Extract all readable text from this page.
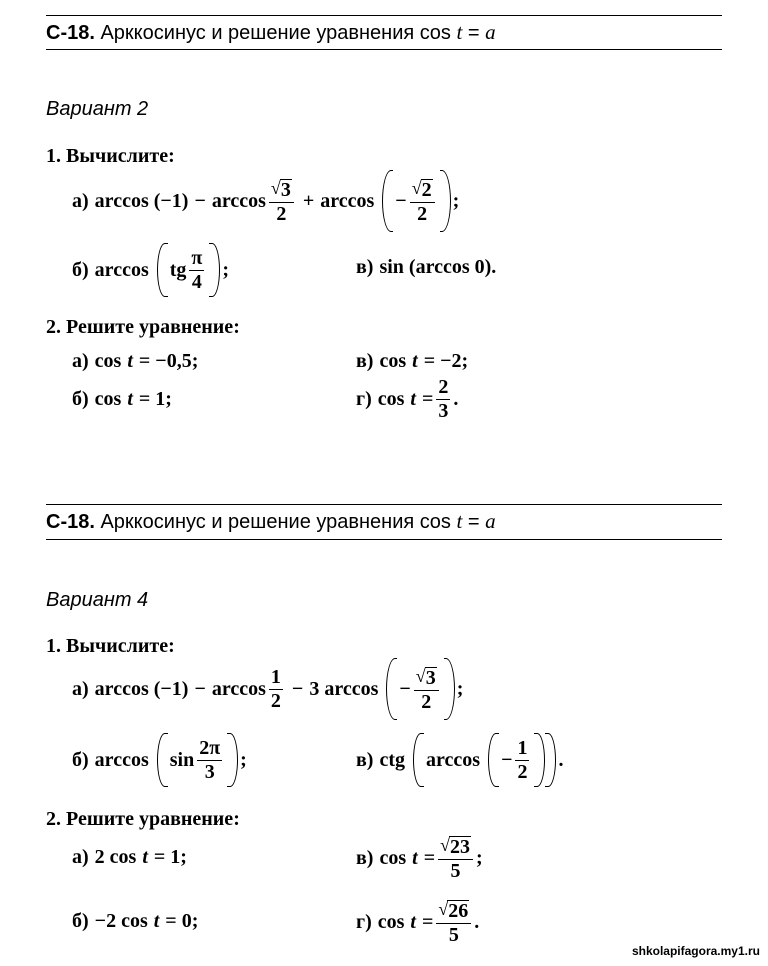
С-18. Арккосинус и решение уравнения cos t = a
Вариант 2
1. Вычислите:
а) $\arccos (-1) - \arccos \frac{√ 3}{2} + \arccos - \frac{√ 2}{2}$ ;
б) arccos tg $\frac{\pi}{4}$ ;	в) sin (arccos 0).
2. Решите уравнение:
а) cos t = −0,5;	в) cos t = −2;
б) cos t = 1;	г) $\cos t = \frac{2}{3}$ .
С-18. Арккосинус и решение уравнения cos t = a
Вариант 4
1. Вычислите:
а) $\arccos (-1) - \arccos \frac{1}{2} - 3$ $\arccos - \frac{√ 3}{2}$ ;
б) $\arccos \sin \frac{2\pi}{3}$ ;	в) ctg $\arccos - \frac{1}{2}$ .
2. Решите уравнение:
а) 2 cos t = 1;	в) $\cos t = \frac{√ 23}{5}$ ;
б) −2 cos t = 0;	г) $\cos t = \frac{√ 26}{5}$ .
shkolapifagora.my1.ru
